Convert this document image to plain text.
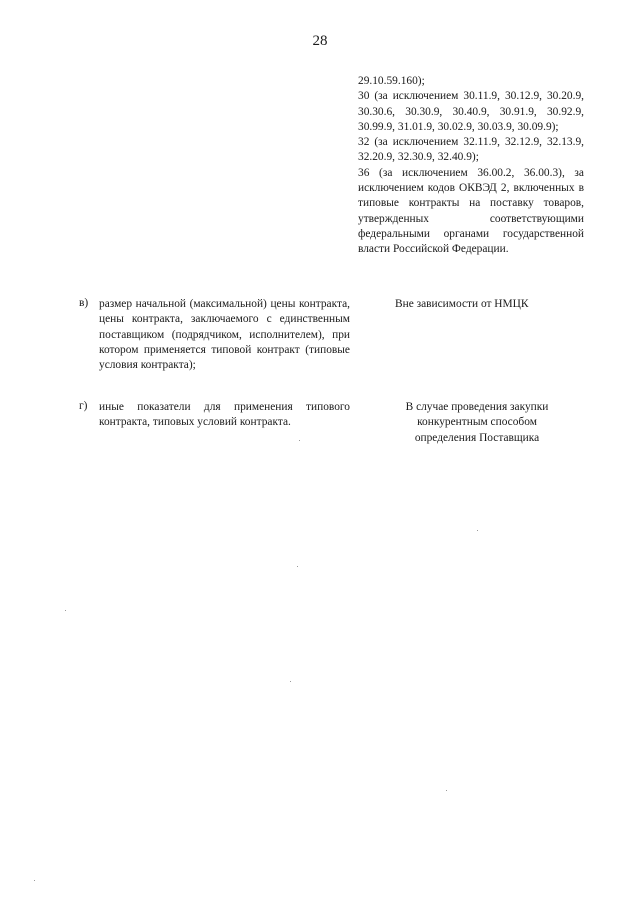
28

29.10.59.160);

30 (за исключением 30.11.9, 30.12.9, 30.20.9, 30.30.6, 30.30.9, 30.40.9, 30.91.9, 30.92.9, 30.99.9, 31.01.9, 30.02.9, 30.03.9, 30.09.9);

32 (за исключением 32.11.9, 32.12.9, 32.13.9, 32.20.9, 32.30.9, 32.40.9);

36 (за исключением 36.00.2, 36.00.3), за исключением кодов ОКВЭД 2, включенных в типовые контракты на поставку товаров, утвержденных соответствующими федеральными органами государственной власти Российской Федерации.

в) размер начальной (максимальной) цены контракта, цены контракта, заключаемого с единственным поставщиком (подрядчиком, исполнителем), при котором применяется типовой контракт (типовые условия контракта);

Вне зависимости от НМЦК
г) иные показатели для применения типового контракта, типовых условий контракта.

В случае проведения закупки конкурентным способом определения Поставщика
